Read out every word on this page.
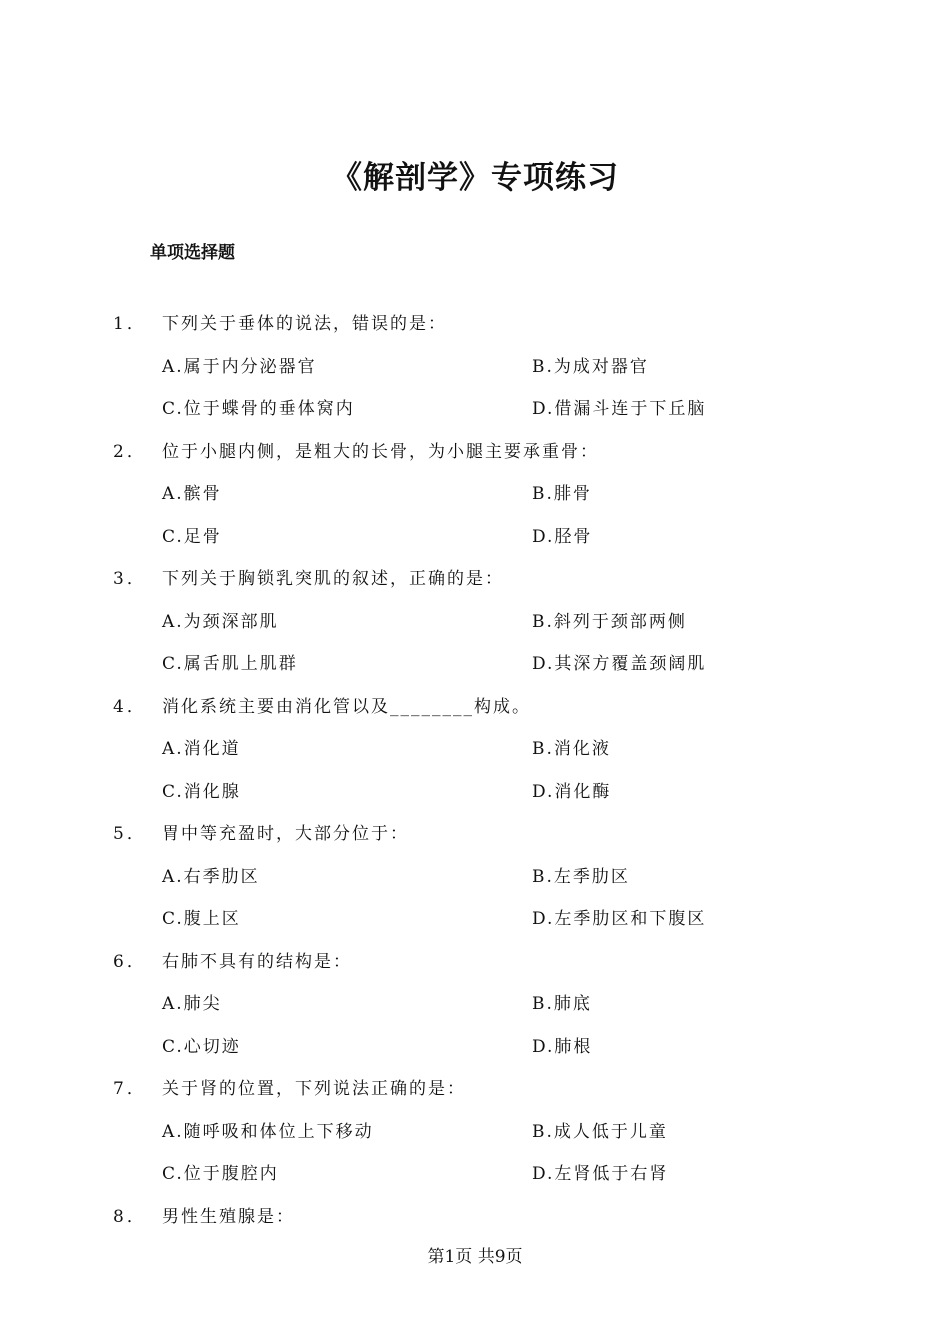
《解剖学》专项练习
单项选择题
1． 下列关于垂体的说法，错误的是：
A.属于内分泌器官	B.为成对器官
C.位于蝶骨的垂体窝内	D.借漏斗连于下丘脑
2． 位于小腿内侧，是粗大的长骨，为小腿主要承重骨：
A.髌骨	B.腓骨
C.足骨	D.胫骨
3． 下列关于胸锁乳突肌的叙述，正确的是：
A.为颈深部肌	B.斜列于颈部两侧
C.属舌肌上肌群	D.其深方覆盖颈阔肌
4． 消化系统主要由消化管以及________构成。
A.消化道	B.消化液
C.消化腺	D.消化酶
5． 胃中等充盈时，大部分位于：
A.右季肋区	B.左季肋区
C.腹上区	D.左季肋区和下腹区
6． 右肺不具有的结构是：
A.肺尖	B.肺底
C.心切迹	D.肺根
7． 关于肾的位置，下列说法正确的是：
A.随呼吸和体位上下移动	B.成人低于儿童
C.位于腹腔内	D.左肾低于右肾
8． 男性生殖腺是：
第1页 共9页
